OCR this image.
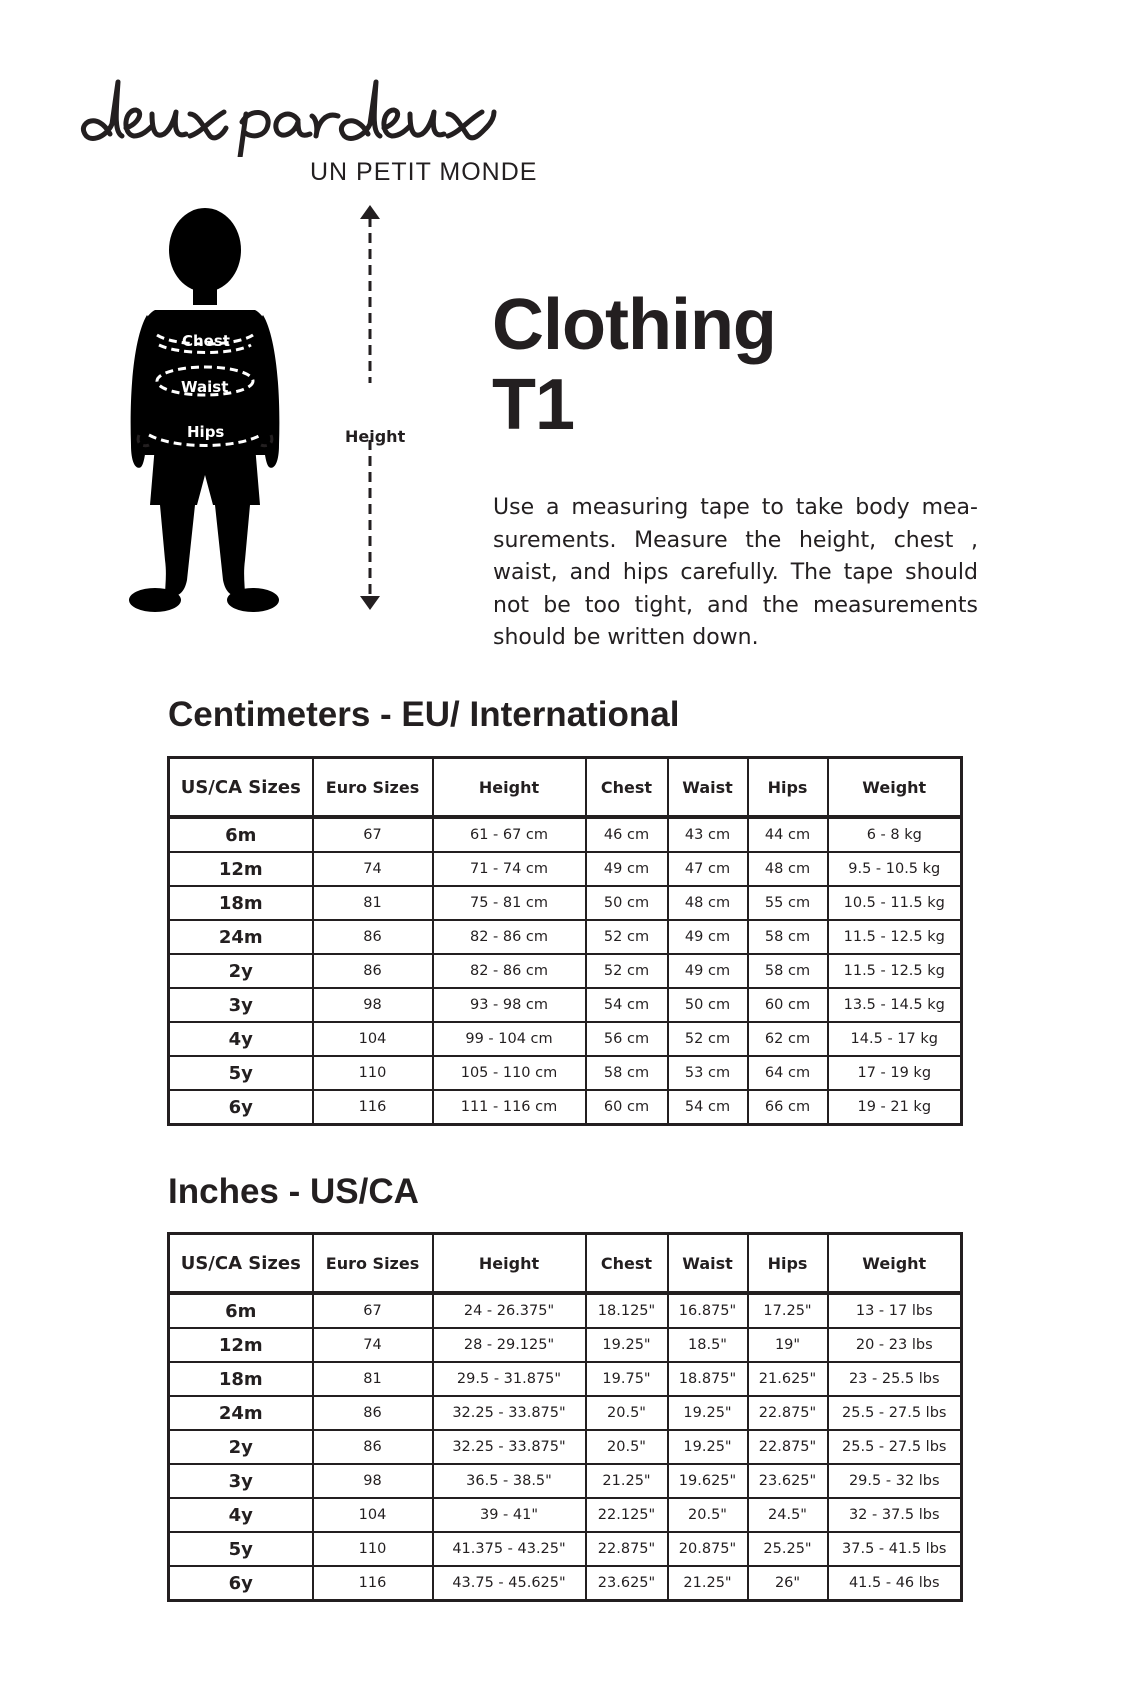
UN PETIT MONDE
Chest
Waist
Hips	Height
Clothing
T1
Use a measuring tape to take body measurements. Measure the height, chest , waist, and hips carefully. The tape should not be too tight, and the measurements should be written down.
Centimeters - EU/ International
US/CA Sizes	Euro Sizes	Height	Chest	Waist	Hips	Weight
6m	67	61 - 67 cm	46 cm	43 cm	44 cm	6 - 8 kg
12m	74	71 - 74 cm	49 cm	47 cm	48 cm	9.5 - 10.5 kg
18m	81	75 - 81 cm	50 cm	48 cm	55 cm	10.5 - 11.5 kg
24m	86	82 - 86 cm	52 cm	49 cm	58 cm	11.5 - 12.5 kg
2y	86	82 - 86 cm	52 cm	49 cm	58 cm	11.5 - 12.5 kg
3y	98	93 - 98 cm	54 cm	50 cm	60 cm	13.5 - 14.5 kg
4y	104	99 - 104 cm	56 cm	52 cm	62 cm	14.5 - 17 kg
5y	110	105 - 110 cm	58 cm	53 cm	64 cm	17 - 19 kg
6y	116	111 - 116 cm	60 cm	54 cm	66 cm	19 - 21 kg
Inches - US/CA
US/CA Sizes	Euro Sizes	Height	Chest	Waist	Hips	Weight
6m	67	24 - 26.375"	18.125"	16.875"	17.25"	13 - 17 lbs
12m	74	28 - 29.125"	19.25"	18.5"	19"	20 - 23 lbs
18m	81	29.5 - 31.875"	19.75"	18.875"	21.625"	23 - 25.5 lbs
24m	86	32.25 - 33.875"	20.5"	19.25"	22.875"	25.5 - 27.5 lbs
2y	86	32.25 - 33.875"	20.5"	19.25"	22.875"	25.5 - 27.5 lbs
3y	98	36.5 - 38.5"	21.25"	19.625"	23.625"	29.5 - 32 lbs
4y	104	39 - 41"	22.125"	20.5"	24.5"	32 - 37.5 lbs
5y	110	41.375 - 43.25"	22.875"	20.875"	25.25"	37.5 - 41.5 lbs
6y	116	43.75 - 45.625"	23.625"	21.25"	26"	41.5 - 46 lbs
